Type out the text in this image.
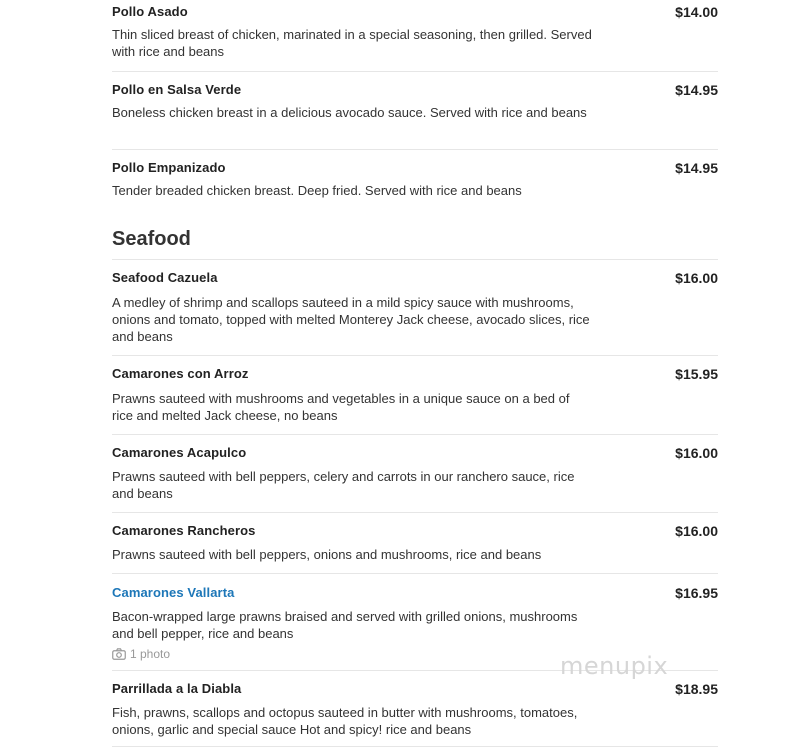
Pollo Asado	$14.00
Thin sliced breast of chicken, marinated in a special seasoning, then grilled. Served with rice and beans
Pollo en Salsa Verde	$14.95
Boneless chicken breast in a delicious avocado sauce. Served with rice and beans
Pollo Empanizado	$14.95
Tender breaded chicken breast. Deep fried. Served with rice and beans
Seafood
Seafood Cazuela	$16.00
A medley of shrimp and scallops sauteed in a mild spicy sauce with mushrooms, onions and tomato, topped with melted Monterey Jack cheese, avocado slices, rice and beans
Camarones con Arroz	$15.95
Prawns sauteed with mushrooms and vegetables in a unique sauce on a bed of rice and melted Jack cheese, no beans
Camarones Acapulco	$16.00
Prawns sauteed with bell peppers, celery and carrots in our ranchero sauce, rice and beans
Camarones Rancheros	$16.00
Prawns sauteed with bell peppers, onions and mushrooms, rice and beans
Camarones Vallarta	$16.95
Bacon-wrapped large prawns braised and served with grilled onions, mushrooms and bell pepper, rice and beans
1 photo
Parrillada a la Diabla	$18.95
Fish, prawns, scallops and octopus sauteed in butter with mushrooms, tomatoes, onions, garlic and special sauce Hot and spicy! rice and beans
menupix
